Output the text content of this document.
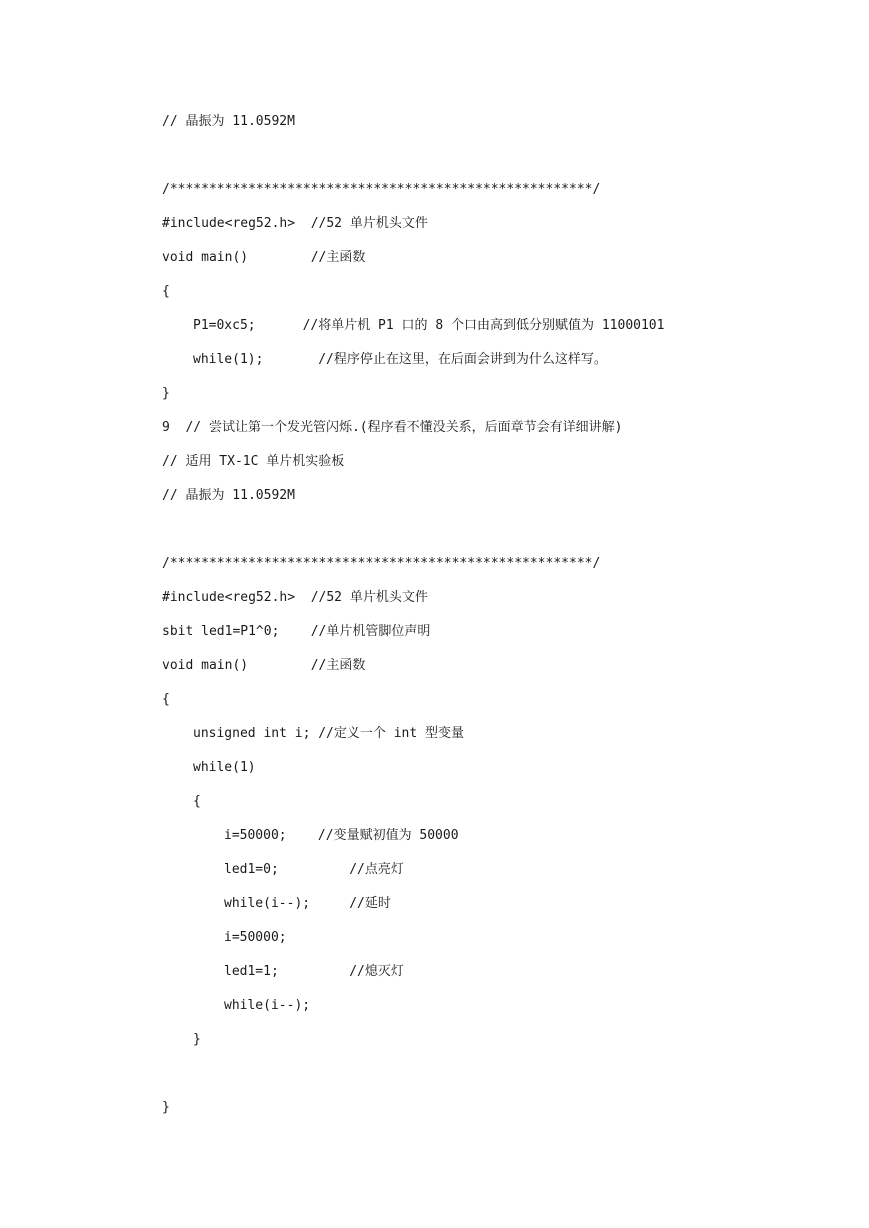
// 晶振为 11.0592M

/******************************************************/

#include<reg52.h>  //52 单片机头文件

void main()        //主函数

{

P1=0xc5;      //将单片机 P1 口的 8 个口由高到低分别赋值为 11000101

while(1);       //程序停止在这里，在后面会讲到为什么这样写。

}

9  // 尝试让第一个发光管闪烁.(程序看不懂没关系，后面章节会有详细讲解)

// 适用 TX-1C 单片机实验板

// 晶振为 11.0592M

/******************************************************/

#include<reg52.h>  //52 单片机头文件

sbit led1=P1^0;    //单片机管脚位声明

void main()        //主函数

{

unsigned int i; //定义一个 int 型变量

while(1)

{

i=50000;    //变量赋初值为 50000

led1=0;         //点亮灯

while(i--);     //延时

i=50000;

led1=1;         //熄灭灯

while(i--);

}

}
